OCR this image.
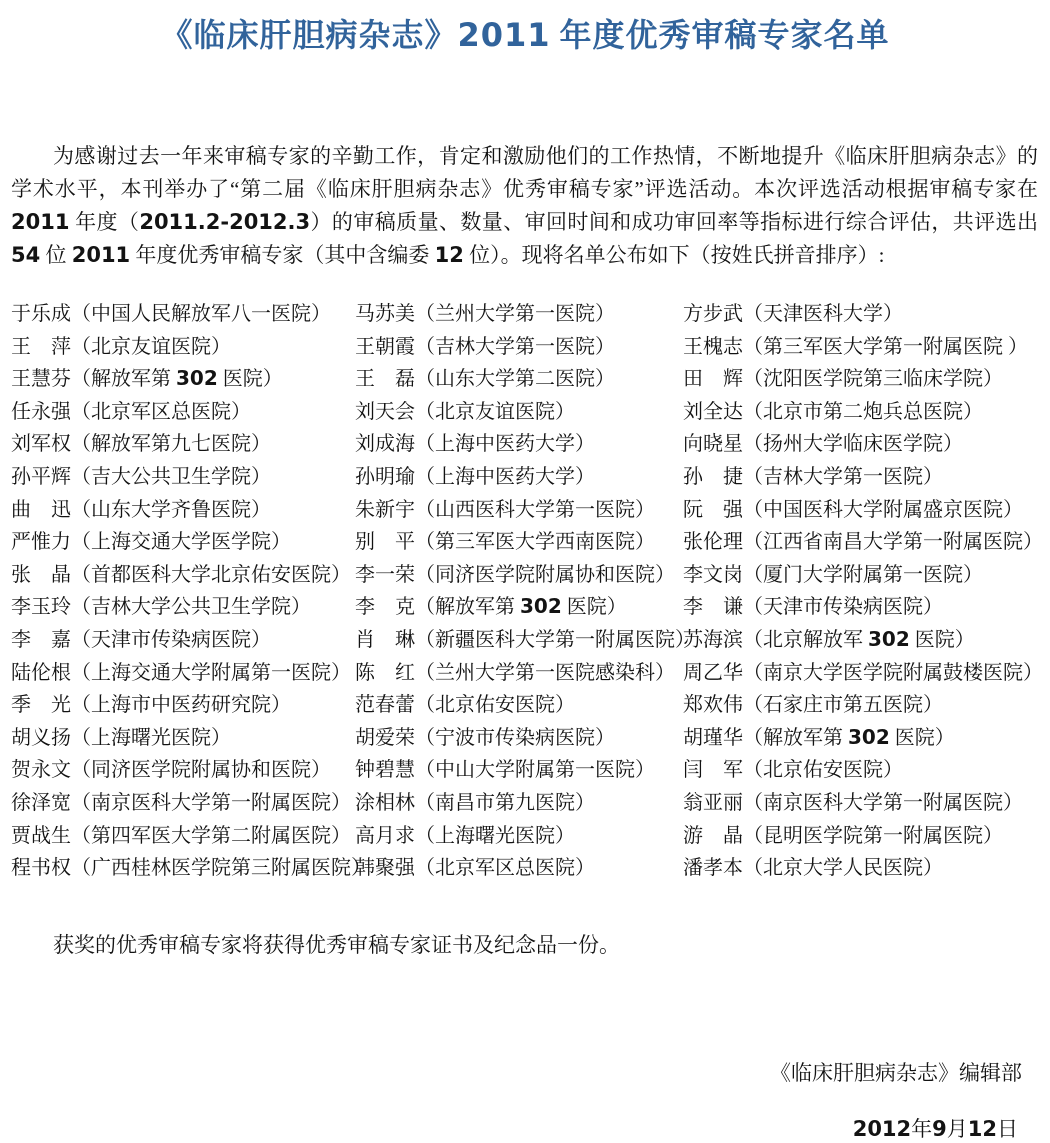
《临床肝胆病杂志》2011 年度优秀审稿专家名单

为感谢过去一年来审稿专家的辛勤工作，肯定和激励他们的工作热情，不断地提升《临床肝胆病杂志》的学术水平，本刊举办了“第二届《临床肝胆病杂志》优秀审稿专家”评选活动。本次评选活动根据审稿专家在 2011 年度（2011.2-2012.3）的审稿质量、数量、审回时间和成功审回率等指标进行综合评估，共评选出 54 位 2011 年度优秀审稿专家（其中含编委 12 位）。现将名单公布如下（按姓氏拼音排序）:

于乐成（中国人民解放军八一医院）
王　萍（北京友谊医院）
王慧芬（解放军第 302 医院）
任永强（北京军区总医院）
刘军权（解放军第九七医院）
孙平辉（吉大公共卫生学院）
曲　迅（山东大学齐鲁医院）
严惟力（上海交通大学医学院）
张　晶（首都医科大学北京佑安医院）
李玉玲（吉林大学公共卫生学院）
李　嘉（天津市传染病医院）
陆伦根（上海交通大学附属第一医院）
季　光（上海市中医药研究院）
胡义扬（上海曙光医院）
贺永文（同济医学院附属协和医院）
徐泽宽（南京医科大学第一附属医院）
贾战生（第四军医大学第二附属医院）
程书权（广西桂林医学院第三附属医院）
马苏美（兰州大学第一医院）
王朝霞（吉林大学第一医院）
王　磊（山东大学第二医院）
刘天会（北京友谊医院）
刘成海（上海中医药大学）
孙明瑜（上海中医药大学）
朱新宇（山西医科大学第一医院）
别　平（第三军医大学西南医院）
李一荣（同济医学院附属协和医院）
李　克（解放军第 302 医院）
肖　琳（新疆医科大学第一附属医院）
陈　红（兰州大学第一医院感染科）
范春蕾（北京佑安医院）
胡爱荣（宁波市传染病医院）
钟碧慧（中山大学附属第一医院）
涂相林（南昌市第九医院）
高月求（上海曙光医院）
韩聚强（北京军区总医院）
方步武（天津医科大学）
王槐志（第三军医大学第一附属医院 ）
田　辉（沈阳医学院第三临床学院）
刘全达（北京市第二炮兵总医院）
向晓星（扬州大学临床医学院）
孙　捷（吉林大学第一医院）
阮　强（中国医科大学附属盛京医院）
张伦理（江西省南昌大学第一附属医院）
李文岗（厦门大学附属第一医院）
李　谦（天津市传染病医院）
苏海滨（北京解放军 302 医院）
周乙华（南京大学医学院附属鼓楼医院）
郑欢伟（石家庄市第五医院）
胡瑾华（解放军第 302 医院）
闫　军（北京佑安医院）
翁亚丽（南京医科大学第一附属医院）
游　晶（昆明医学院第一附属医院）
潘孝本（北京大学人民医院）

获奖的优秀审稿专家将获得优秀审稿专家证书及纪念品一份。

《临床肝胆病杂志》编辑部
2012年9月12日
